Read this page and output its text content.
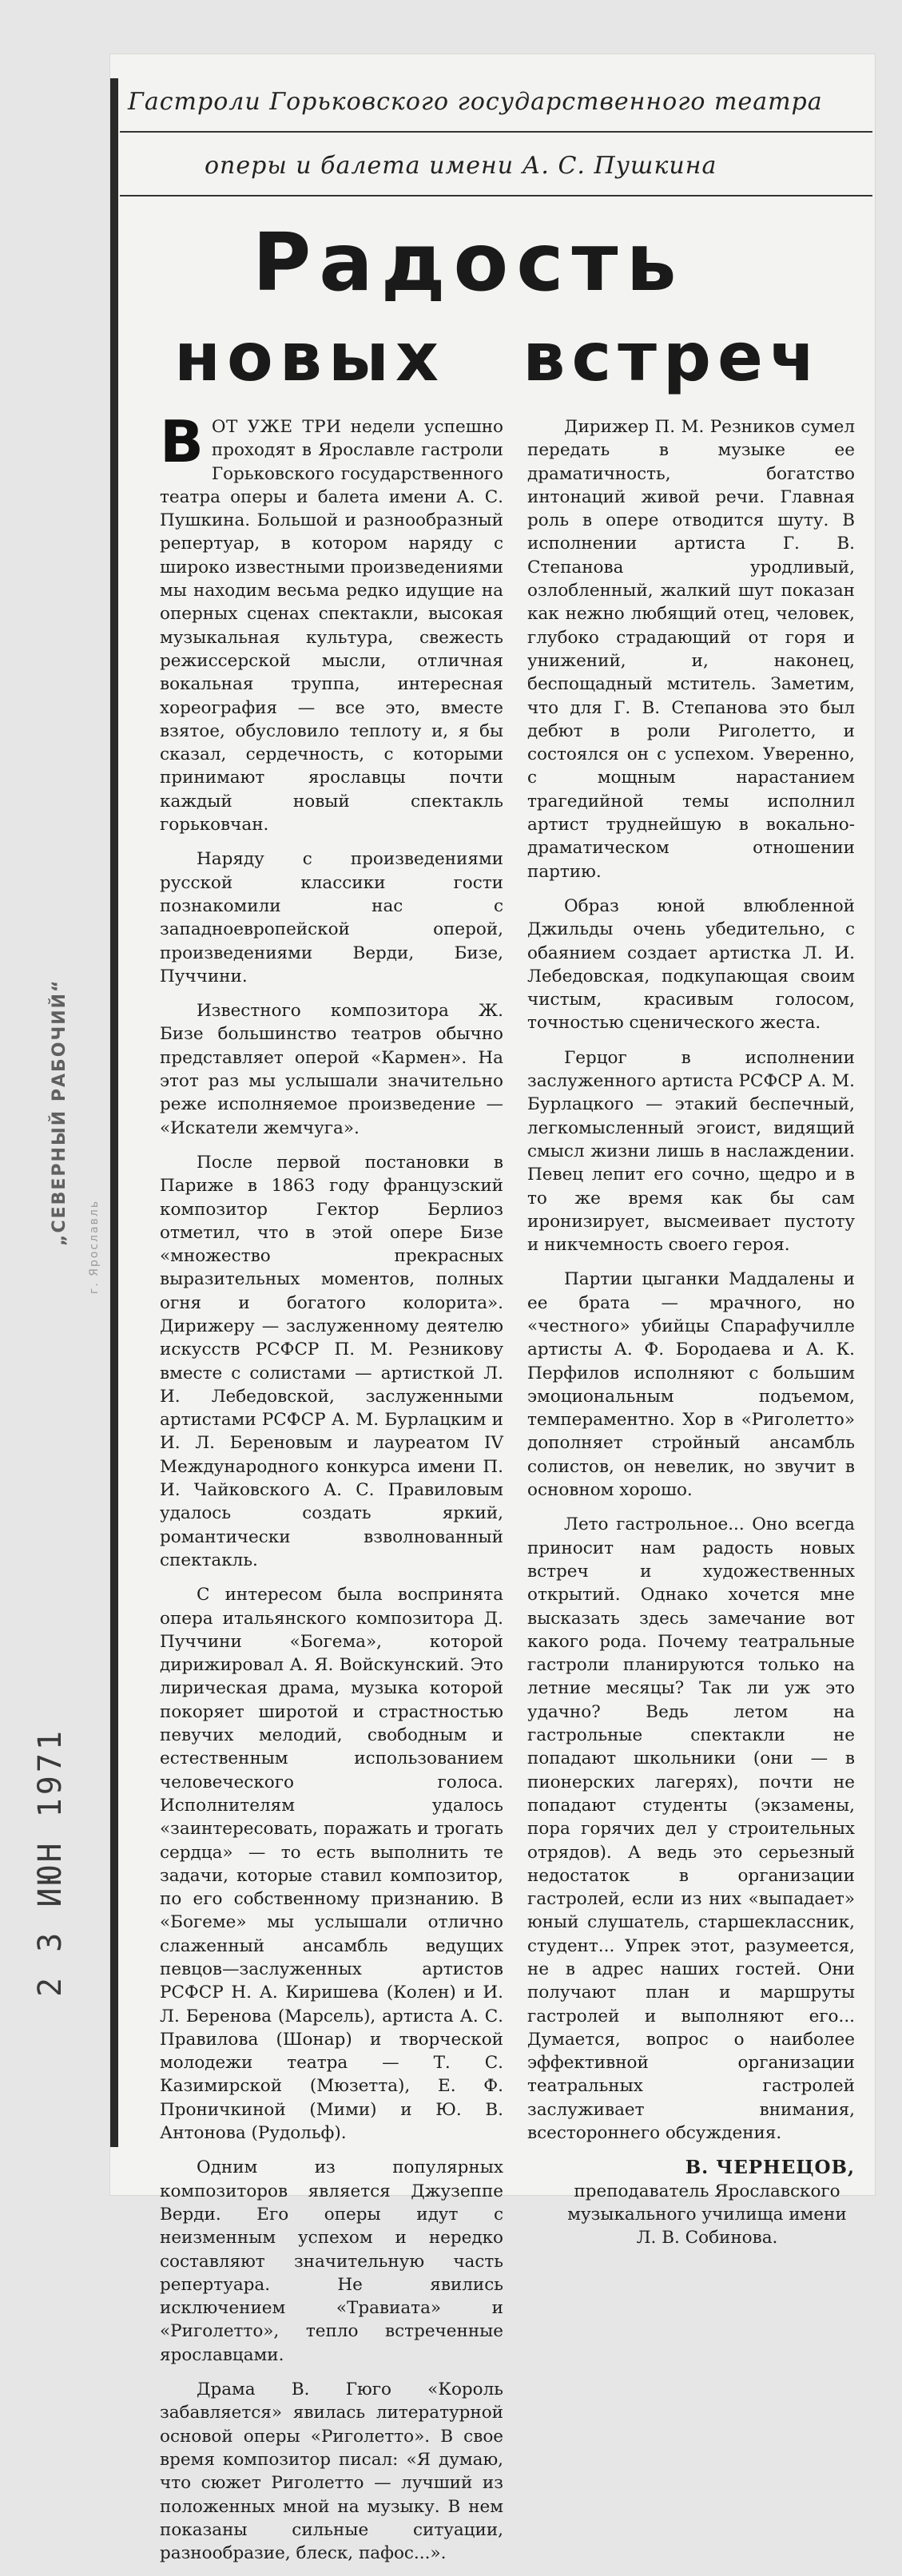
„СЕВЕРНЫЙ РАБОЧИЙ“
г. Ярославль
2 3 ИЮН 1971
Гастроли Горьковского государственного театра
оперы и балета имени А. С. Пушкина
Радость
новых встреч

ВОТ УЖЕ ТРИ недели успешно проходят в Ярославле гастроли Горьковского государственного театра оперы и балета имени А. С. Пушкина. Большой и разнообразный репертуар, в котором наряду с широко известными произведениями мы находим весьма редко идущие на оперных сценах спектакли, высокая музыкальная культура, свежесть режиссерской мысли, отличная вокальная труппа, интересная хореография — все это, вместе взятое, обусловило теплоту и, я бы сказал, сердечность, с которыми принимают ярославцы почти каждый новый спектакль горьковчан.

Наряду с произведениями русской классики гости познакомили нас с западноевропейской оперой, произведениями Верди, Бизе, Пуччини.

Известного композитора Ж. Бизе большинство театров обычно представляет оперой «Кармен». На этот раз мы услышали значительно реже исполняемое произведение — «Искатели жемчуга».

После первой постановки в Париже в 1863 году французский композитор Гектор Берлиоз отметил, что в этой опере Бизе «множество прекрасных выразительных моментов, полных огня и богатого колорита». Дирижеру — заслуженному деятелю искусств РСФСР П. М. Резникову вместе с солистами — артисткой Л. И. Лебедовской, заслуженными артистами РСФСР А. М. Бурлацким и И. Л. Береновым и лауреатом IV Международного конкурса имени П. И. Чайковского А. С. Правиловым удалось создать яркий, романтически взволнованный спектакль.

С интересом была воспринята опера итальянского композитора Д. Пуччини «Богема», которой дирижировал А. Я. Войскунский. Это лирическая драма, музыка которой покоряет широтой и страстностью певучих мелодий, свободным и естественным использованием человеческого голоса. Исполнителям удалось «заинтересовать, поражать и трогать сердца» — то есть выполнить те задачи, которые ставил композитор, по его собственному признанию. В «Богеме» мы услышали отлично слаженный ансамбль ведущих певцов—заслуженных артистов РСФСР Н. А. Киришева (Колен) и И. Л. Беренова (Марсель), артиста А. С. Правилова (Шонар) и творческой молодежи театра — Т. С. Казимирской (Мюзетта), Е. Ф. Проничкиной (Мими) и Ю. В. Антонова (Рудольф).

Одним из популярных композиторов является Джузеппе Верди. Его оперы идут с неизменным успехом и нередко составляют значительную часть репертуара. Не явились исключением «Травиата» и «Риголетто», тепло встреченные ярославцами.

Драма В. Гюго «Король забавляется» явилась литературной основой оперы «Риголетто». В свое время композитор писал: «Я думаю, что сюжет Риголетто — лучший из положенных мной на музыку. В нем показаны сильные ситуации, разнообразие, блеск, пафос...».

Дирижер П. М. Резников сумел передать в музыке ее драматичность, богатство интонаций живой речи. Главная роль в опере отводится шуту. В исполнении артиста Г. В. Степанова уродливый, озлобленный, жалкий шут показан как нежно любящий отец, человек, глубоко страдающий от горя и унижений, и, наконец, беспощадный мститель. Заметим, что для Г. В. Степанова это был дебют в роли Риголетто, и состоялся он с успехом. Уверенно, с мощным нарастанием трагедийной темы исполнил артист труднейшую в вокально-драматическом отношении партию.

Образ юной влюбленной Джильды очень убедительно, с обаянием создает артистка Л. И. Лебедовская, подкупающая своим чистым, красивым голосом, точностью сценического жеста.

Герцог в исполнении заслуженного артиста РСФСР А. М. Бурлацкого — этакий беспечный, легкомысленный эгоист, видящий смысл жизни лишь в наслаждении. Певец лепит его сочно, щедро и в то же время как бы сам иронизирует, высмеивает пустоту и никчемность своего героя.

Партии цыганки Маддалены и ее брата — мрачного, но «честного» убийцы Спарафучилле артисты А. Ф. Бородаева и А. К. Перфилов исполняют с большим эмоциональным подъемом, темпераментно. Хор в «Риголетто» дополняет стройный ансамбль солистов, он невелик, но звучит в основном хорошо.

Лето гастрольное... Оно всегда приносит нам радость новых встреч и художественных открытий. Однако хочется мне высказать здесь замечание вот какого рода. Почему театральные гастроли планируются только на летние месяцы? Так ли уж это удачно? Ведь летом на гастрольные спектакли не попадают школьники (они — в пионерских лагерях), почти не попадают студенты (экзамены, пора горячих дел у строительных отрядов). А ведь это серьезный недостаток в организации гастролей, если из них «выпадает» юный слушатель, старшеклассник, студент... Упрек этот, разумеется, не в адрес наших гостей. Они получают план и маршруты гастролей и выполняют его... Думается, вопрос о наиболее эффективной организации театральных гастролей заслуживает внимания, всестороннего обсуждения.

В. ЧЕРНЕЦОВ,
преподаватель Ярославского музыкального училища имени Л. В. Собинова.
